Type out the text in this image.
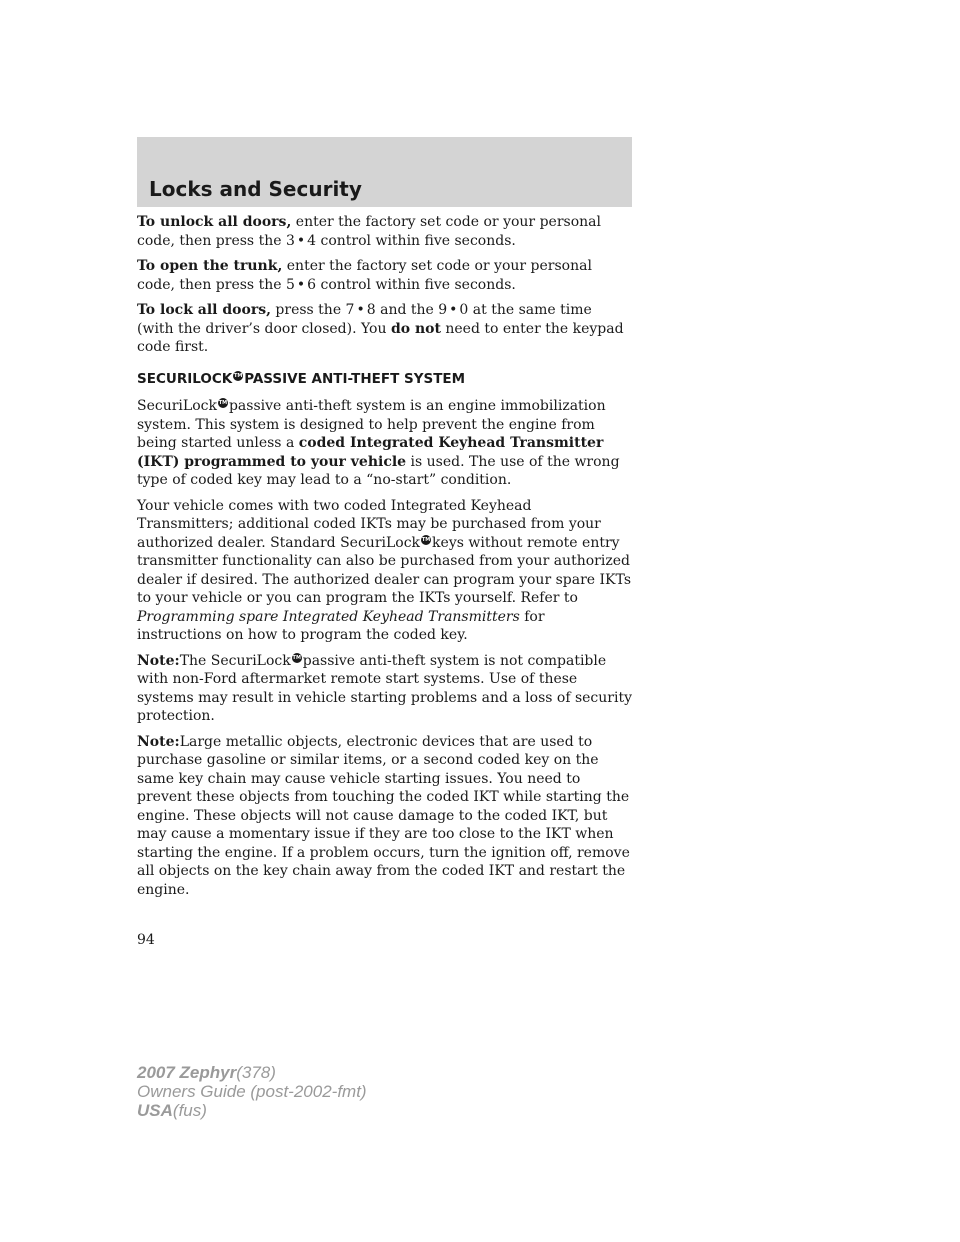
Locks and Security

To unlock all doors, enter the factory set code or your personal code, then press the 3 • 4 control within five seconds.

To open the trunk, enter the factory set code or your personal code, then press the 5 • 6 control within five seconds.

To lock all doors, press the 7 • 8 and the 9 • 0 at the same time (with the driver’s door closed). You do not need to enter the keypad code first.

SECURILOCK TM PASSIVE ANTI-THEFT SYSTEM

SecuriLock TM passive anti-theft system is an engine immobilization system. This system is designed to help prevent the engine from being started unless a coded Integrated Keyhead Transmitter (IKT) programmed to your vehicle is used. The use of the wrong type of coded key may lead to a “no-start” condition.

Your vehicle comes with two coded Integrated Keyhead Transmitters; additional coded IKTs may be purchased from your authorized dealer. Standard SecuriLock TM keys without remote entry transmitter functionality can also be purchased from your authorized dealer if desired. The authorized dealer can program your spare IKTs to your vehicle or you can program the IKTs yourself. Refer to Programming spare Integrated Keyhead Transmitters for instructions on how to program the coded key.

Note:The SecuriLock TM passive anti-theft system is not compatible with non-Ford aftermarket remote start systems. Use of these systems may result in vehicle starting problems and a loss of security protection.

Note:Large metallic objects, electronic devices that are used to purchase gasoline or similar items, or a second coded key on the same key chain may cause vehicle starting issues. You need to prevent these objects from touching the coded IKT while starting the engine. These objects will not cause damage to the coded IKT, but may cause a momentary issue if they are too close to the IKT when starting the engine. If a problem occurs, turn the ignition off, remove all objects on the key chain away from the coded IKT and restart the engine.

94
2007 Zephyr(378)
Owners Guide (post-2002-fmt)
USA(fus)
